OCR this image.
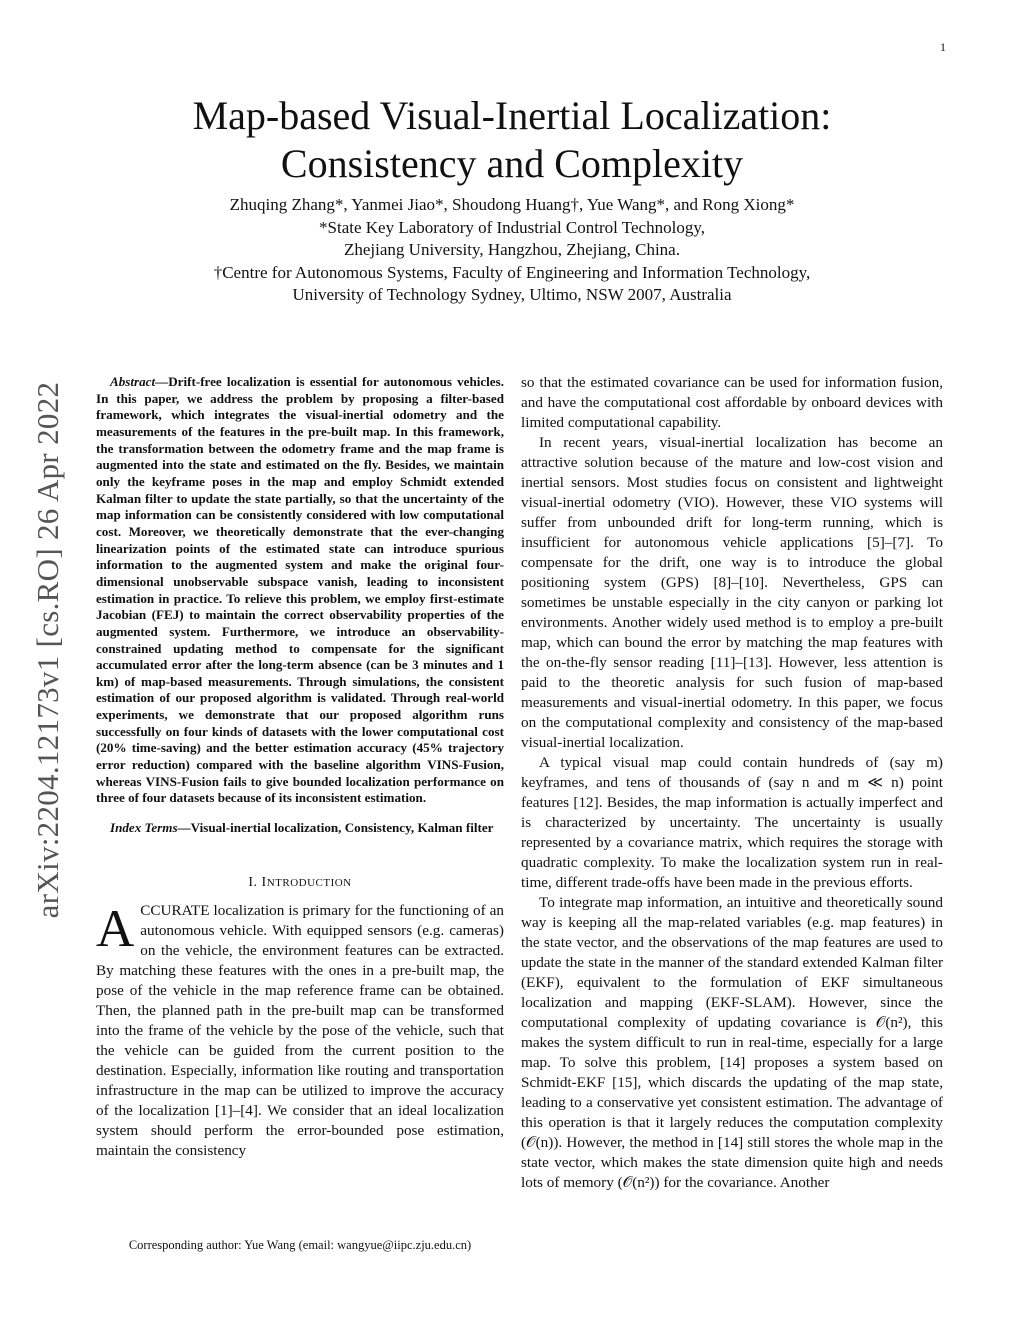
1
arXiv:2204.12173v1 [cs.RO] 26 Apr 2022
Map-based Visual-Inertial Localization:
Consistency and Complexity
Zhuqing Zhang*, Yanmei Jiao*, Shoudong Huang†, Yue Wang*, and Rong Xiong*
*State Key Laboratory of Industrial Control Technology,
Zhejiang University, Hangzhou, Zhejiang, China.
†Centre for Autonomous Systems, Faculty of Engineering and Information Technology,
University of Technology Sydney, Ultimo, NSW 2007, Australia

Abstract—Drift-free localization is essential for autonomous vehicles. In this paper, we address the problem by proposing a filter-based framework, which integrates the visual-inertial odometry and the measurements of the features in the pre-built map. In this framework, the transformation between the odometry frame and the map frame is augmented into the state and estimated on the fly. Besides, we maintain only the keyframe poses in the map and employ Schmidt extended Kalman filter to update the state partially, so that the uncertainty of the map information can be consistently considered with low computational cost. Moreover, we theoretically demonstrate that the ever-changing linearization points of the estimated state can introduce spurious information to the augmented system and make the original four-dimensional unobservable subspace vanish, leading to inconsistent estimation in practice. To relieve this problem, we employ first-estimate Jacobian (FEJ) to maintain the correct observability properties of the augmented system. Furthermore, we introduce an observability-constrained updating method to compensate for the significant accumulated error after the long-term absence (can be 3 minutes and 1 km) of map-based measurements. Through simulations, the consistent estimation of our proposed algorithm is validated. Through real-world experiments, we demonstrate that our proposed algorithm runs successfully on four kinds of datasets with the lower computational cost (20% time-saving) and the better estimation accuracy (45% trajectory error reduction) compared with the baseline algorithm VINS-Fusion, whereas VINS-Fusion fails to give bounded localization performance on three of four datasets because of its inconsistent estimation.

Index Terms—Visual-inertial localization, Consistency, Kalman filter

I. INTRODUCTION

ACCURATE localization is primary for the functioning of an autonomous vehicle. With equipped sensors (e.g. cameras) on the vehicle, the environment features can be extracted. By matching these features with the ones in a pre-built map, the pose of the vehicle in the map reference frame can be obtained. Then, the planned path in the pre-built map can be transformed into the frame of the vehicle by the pose of the vehicle, such that the vehicle can be guided from the current position to the destination. Especially, information like routing and transportation infrastructure in the map can be utilized to improve the accuracy of the localization [1]–[4]. We consider that an ideal localization system should perform the error-bounded pose estimation, maintain the consistency

Corresponding author: Yue Wang (email: wangyue@iipc.zju.edu.cn)

so that the estimated covariance can be used for information fusion, and have the computational cost affordable by onboard devices with limited computational capability.

In recent years, visual-inertial localization has become an attractive solution because of the mature and low-cost vision and inertial sensors. Most studies focus on consistent and lightweight visual-inertial odometry (VIO). However, these VIO systems will suffer from unbounded drift for long-term running, which is insufficient for autonomous vehicle applications [5]–[7]. To compensate for the drift, one way is to introduce the global positioning system (GPS) [8]–[10]. Nevertheless, GPS can sometimes be unstable especially in the city canyon or parking lot environments. Another widely used method is to employ a pre-built map, which can bound the error by matching the map features with the on-the-fly sensor reading [11]–[13]. However, less attention is paid to the theoretic analysis for such fusion of map-based measurements and visual-inertial odometry. In this paper, we focus on the computational complexity and consistency of the map-based visual-inertial localization.

A typical visual map could contain hundreds of (say m) keyframes, and tens of thousands of (say n and m ≪ n) point features [12]. Besides, the map information is actually imperfect and is characterized by uncertainty. The uncertainty is usually represented by a covariance matrix, which requires the storage with quadratic complexity. To make the localization system run in real-time, different trade-offs have been made in the previous efforts.

To integrate map information, an intuitive and theoretically sound way is keeping all the map-related variables (e.g. map features) in the state vector, and the observations of the map features are used to update the state in the manner of the standard extended Kalman filter (EKF), equivalent to the formulation of EKF simultaneous localization and mapping (EKF-SLAM). However, since the computational complexity of updating covariance is 𝒪(n²), this makes the system difficult to run in real-time, especially for a large map. To solve this problem, [14] proposes a system based on Schmidt-EKF [15], which discards the updating of the map state, leading to a conservative yet consistent estimation. The advantage of this operation is that it largely reduces the computation complexity (𝒪(n)). However, the method in [14] still stores the whole map in the state vector, which makes the state dimension quite high and needs lots of memory (𝒪(n²)) for the covariance. Another
